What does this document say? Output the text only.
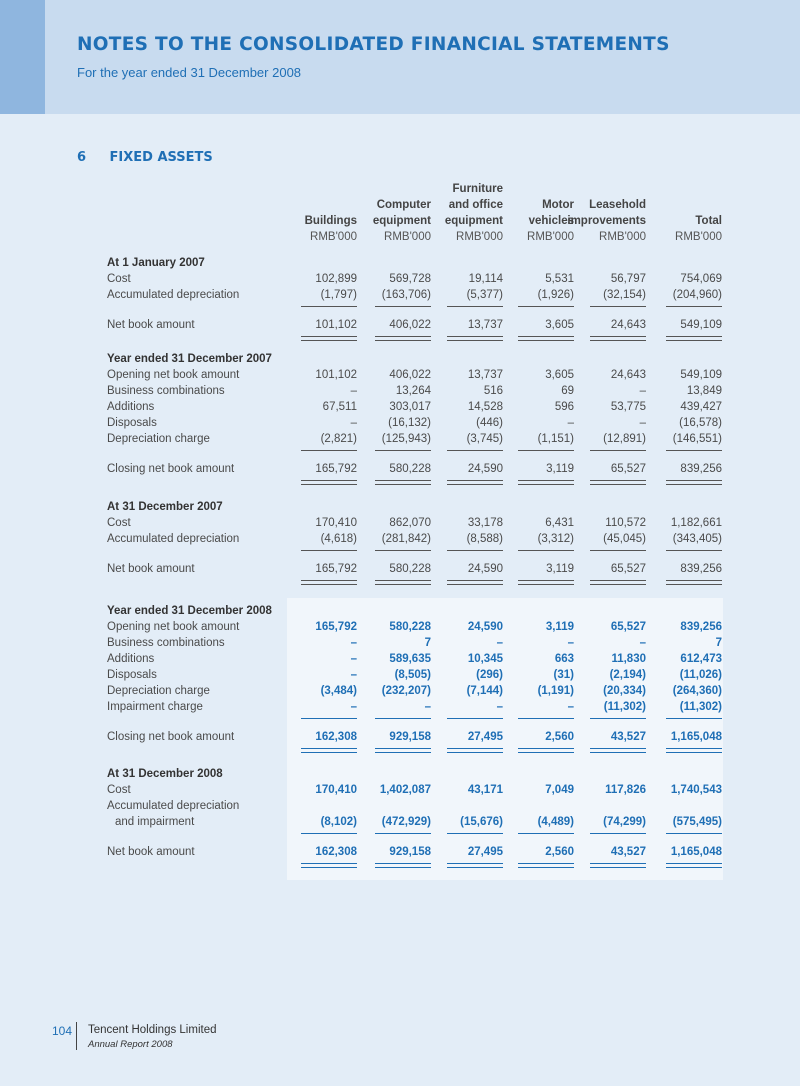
NOTES TO THE CONSOLIDATED FINANCIAL STATEMENTS
For the year ended 31 December 2008
6 FIXED ASSETS
Buildings
RMB'000
Computer
equipment
RMB'000
Furniture
and office
equipment
RMB'000
Motor
vehicles
RMB'000
Leasehold
improvements
RMB'000
Total
RMB'000
At 1 January 2007
Cost	102,899	569,728	19,114	5,531	56,797	754,069
Accumulated depreciation	(1,797)	(163,706)	(5,377)	(1,926)	(32,154)	(204,960)
Net book amount	101,102	406,022	13,737	3,605	24,643	549,109
Year ended 31 December 2007
Opening net book amount	101,102	406,022	13,737	3,605	24,643	549,109
Business combinations	–	13,264	516	69	–	13,849
Additions	67,511	303,017	14,528	596	53,775	439,427
Disposals	–	(16,132)	(446)	–	–	(16,578)
Depreciation charge	(2,821)	(125,943)	(3,745)	(1,151)	(12,891)	(146,551)
Closing net book amount	165,792	580,228	24,590	3,119	65,527	839,256
At 31 December 2007
Cost	170,410	862,070	33,178	6,431	110,572	1,182,661
Accumulated depreciation	(4,618)	(281,842)	(8,588)	(3,312)	(45,045)	(343,405)
Net book amount	165,792	580,228	24,590	3,119	65,527	839,256
Year ended 31 December 2008
Opening net book amount	165,792	580,228	24,590	3,119	65,527	839,256
Business combinations	–	7	–	–	–	7
Additions	–	589,635	10,345	663	11,830	612,473
Disposals	–	(8,505)	(296)	(31)	(2,194)	(11,026)
Depreciation charge	(3,484)	(232,207)	(7,144)	(1,191)	(20,334)	(264,360)
Impairment charge	–	–	–	–	(11,302)	(11,302)
Closing net book amount	162,308	929,158	27,495	2,560	43,527	1,165,048
At 31 December 2008
Cost	170,410	1,402,087	43,171	7,049	117,826	1,740,543
Accumulated depreciation
and impairment	(8,102)	(472,929)	(15,676)	(4,489)	(74,299)	(575,495)
Net book amount	162,308	929,158	27,495	2,560	43,527	1,165,048
104 Tencent Holdings Limited
Annual Report 2008
